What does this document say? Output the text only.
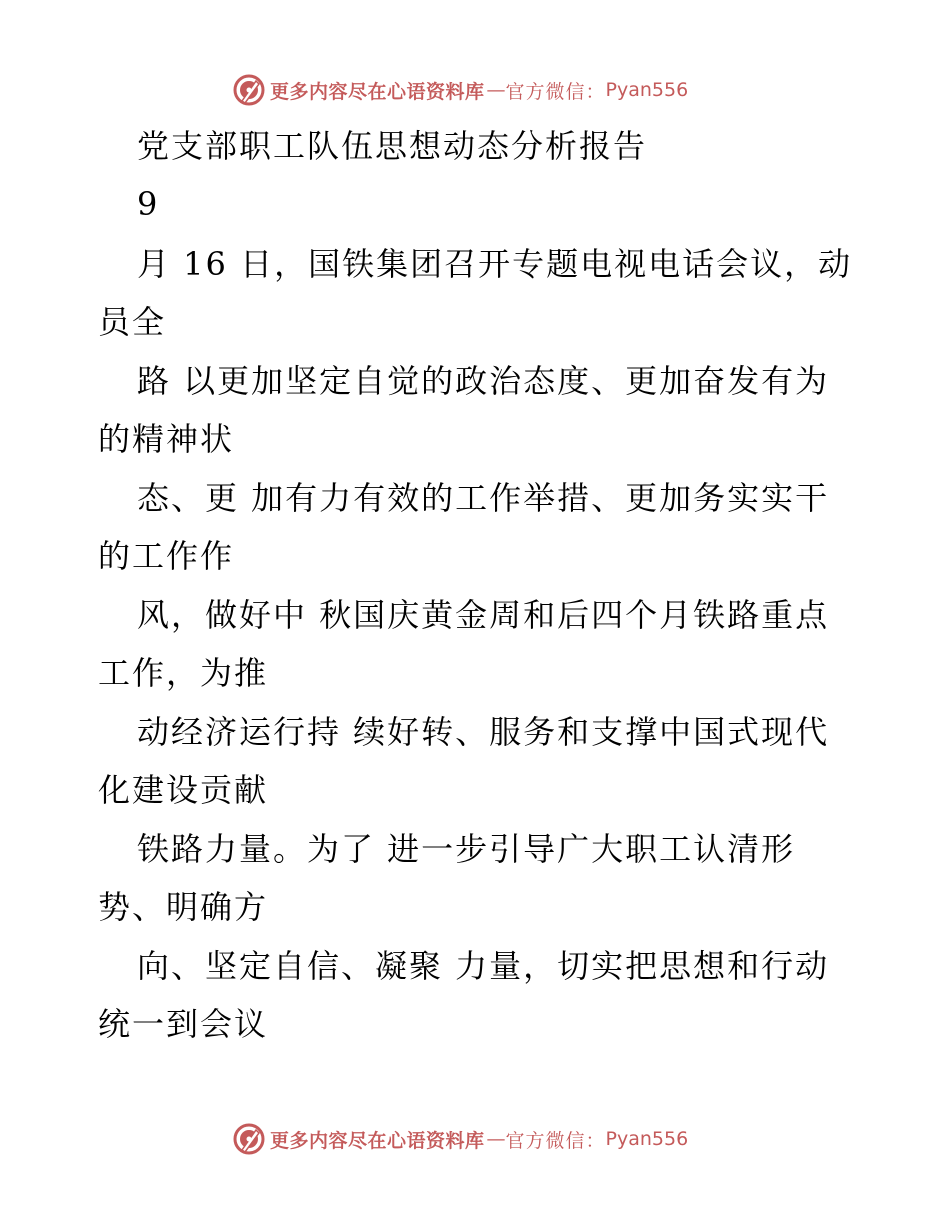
更多内容尽在心语资料库 — 官方微信： Pyan556
党支部职工队伍思想动态分析报告
9
月 16 日，国铁集团召开专题电视电话会议，动
员全
路 以更加坚定自觉的政治态度、更加奋发有为
的精神状
态、更 加有力有效的工作举措、更加务实实干
的工作作
风，做好中 秋国庆黄金周和后四个月铁路重点
工作，为推
动经济运行持 续好转、服务和支撑中国式现代
化建设贡献
铁路力量。为了 进一步引导广大职工认清形
势、明确方
向、坚定自信、凝聚 力量，切实把思想和行动
统一到会议
更多内容尽在心语资料库 — 官方微信： Pyan556
